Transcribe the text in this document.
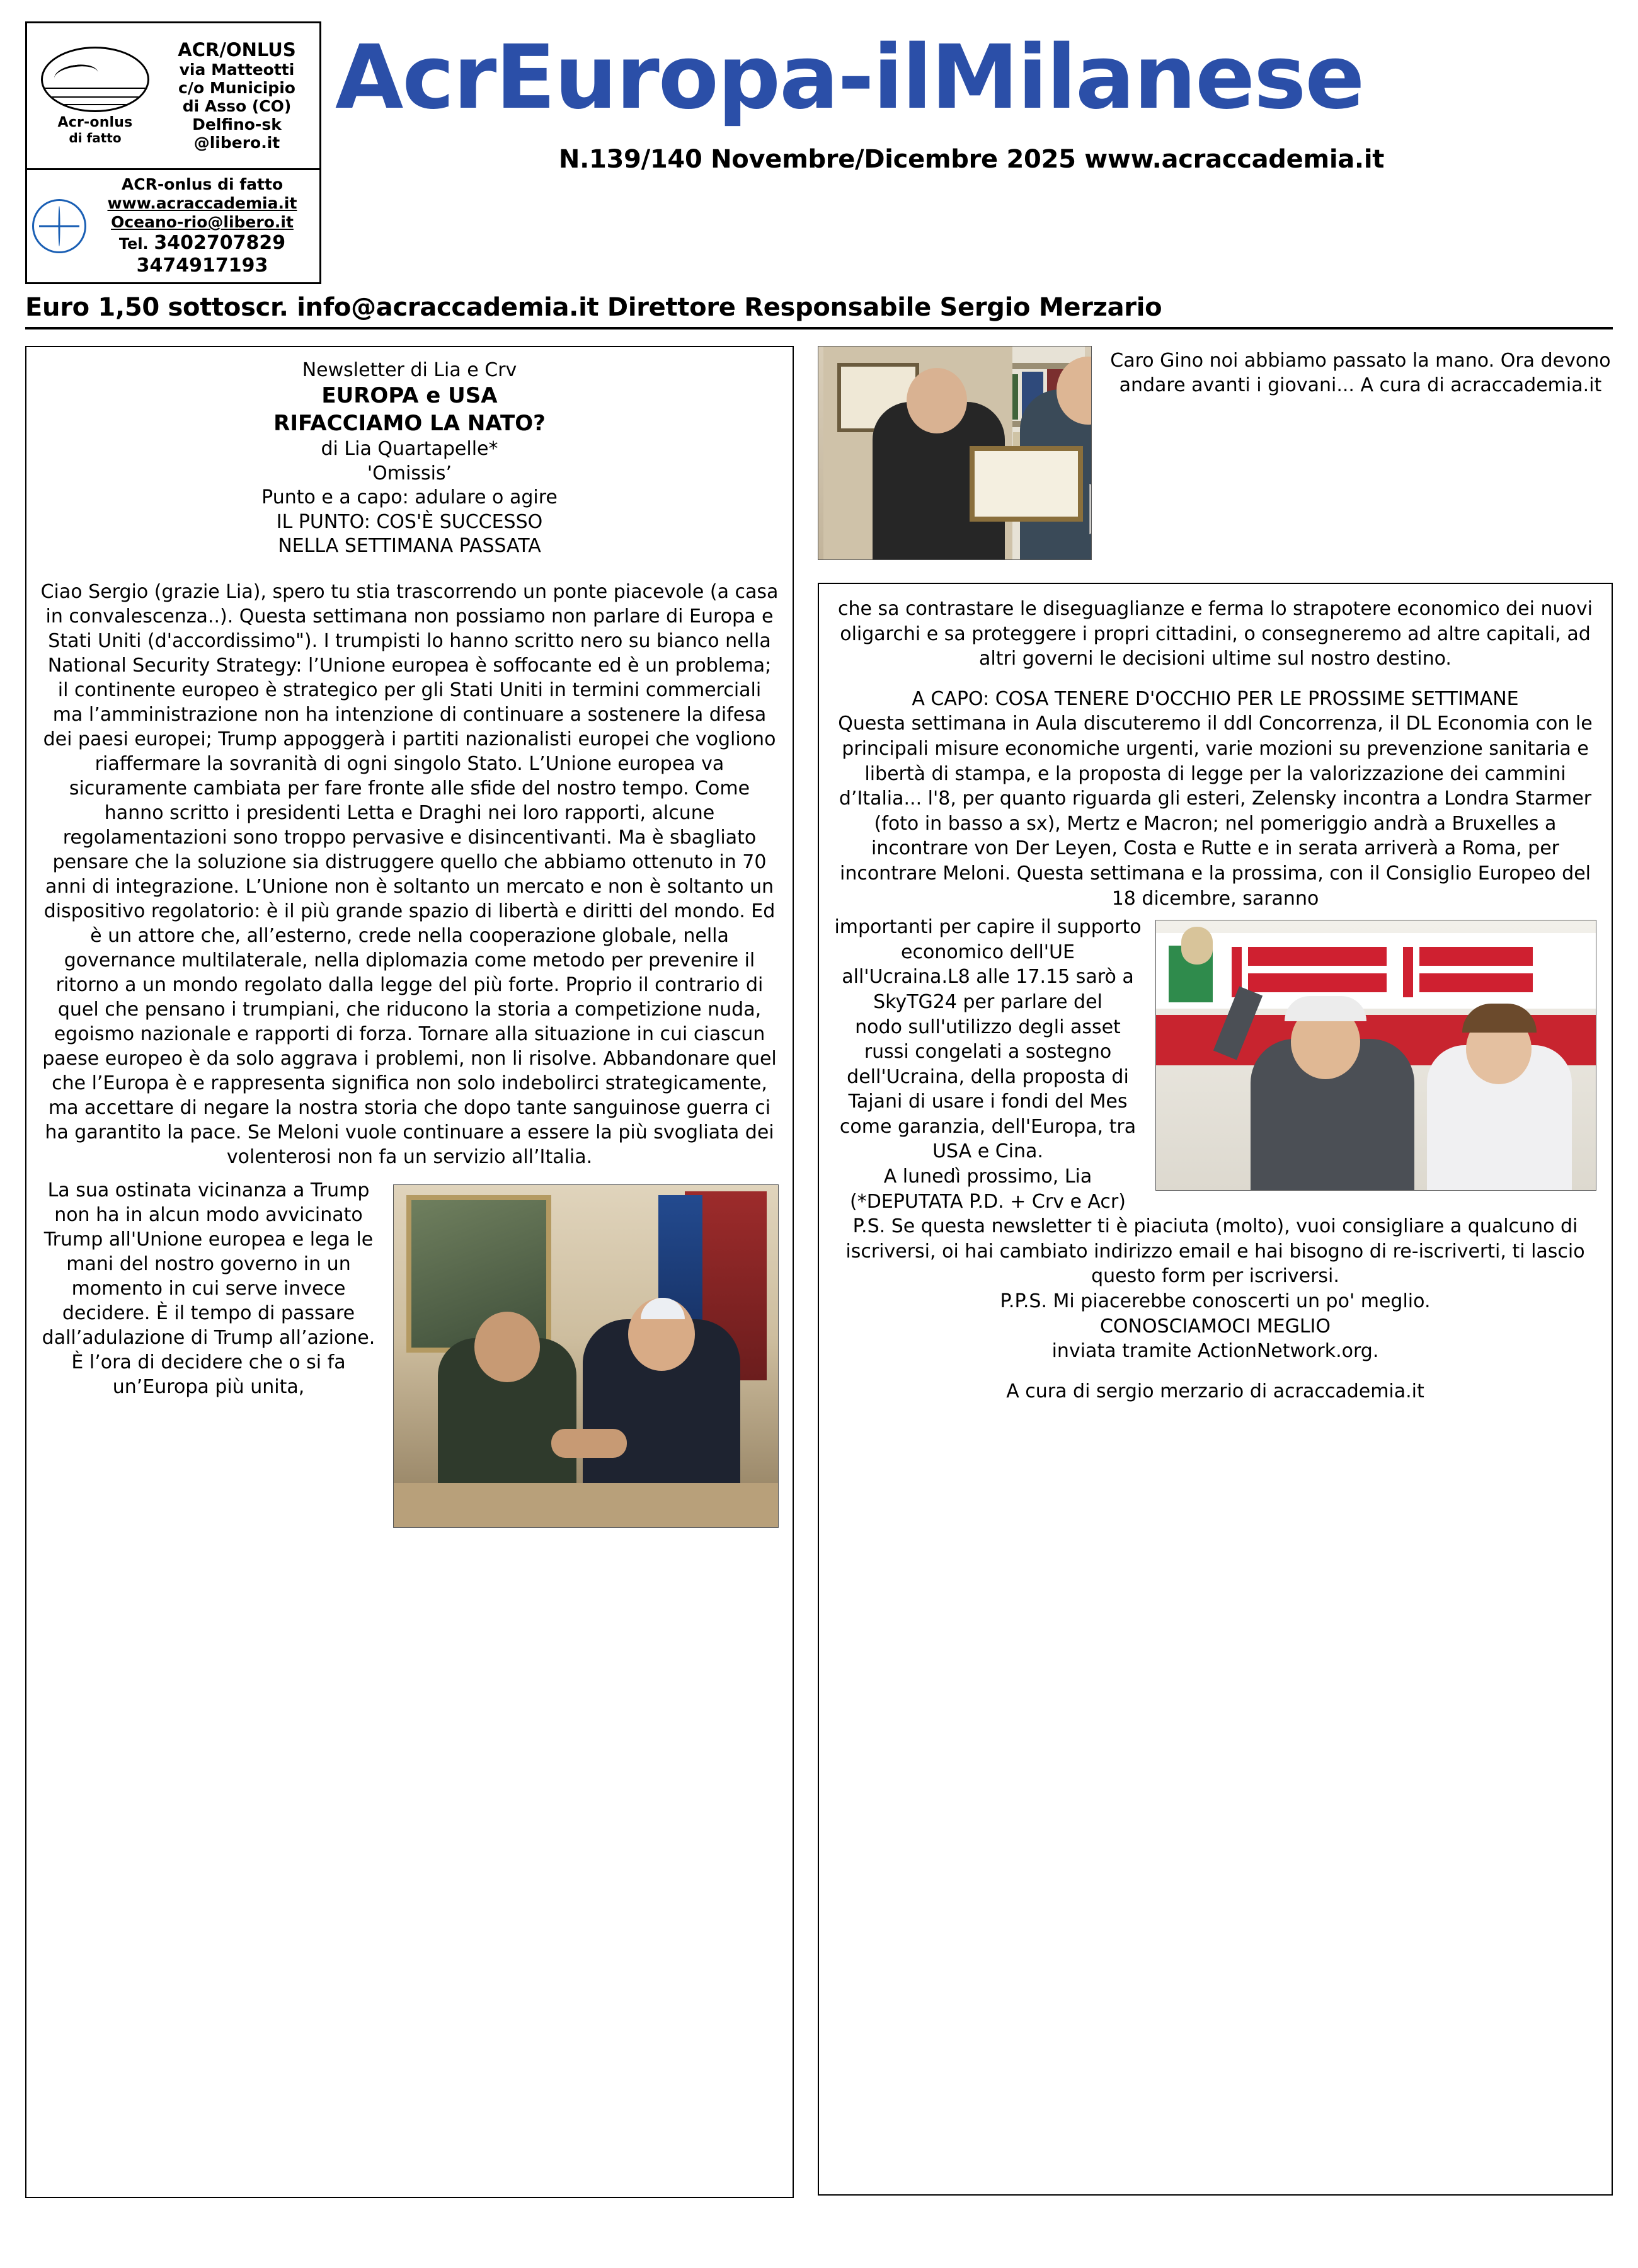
Acr-onlus
di fatto
ACR/ONLUS
via Matteotti
c/o Municipio
di Asso (CO)
Delfino-sk
@libero.it
ACR-onlus di fatto
www.acraccademia.it
Oceano-rio@libero.it
Tel. 3402707829
3474917193
AcrEuropa-ilMilanese
N.139/140 Novembre/Dicembre 2025 www.acraccademia.it
Euro 1,50 sottoscr. info@acraccademia.it Direttore Responsabile Sergio Merzario
Newsletter di Lia e Crv
EUROPA e USA
RIFACCIAMO LA NATO?
di Lia Quartapelle*
'Omissis’
Punto e a capo: adulare o agire
IL PUNTO: COS'È SUCCESSO
NELLA SETTIMANA PASSATA

Ciao Sergio (grazie Lia), spero tu stia trascorrendo un ponte piacevole (a casa in convalescenza..). Questa settimana non possiamo non parlare di Europa e Stati Uniti (d'accordissimo"). I trumpisti lo hanno scritto nero su bianco nella National Security Strategy: l’Unione europea è soffocante ed è un problema; il continente europeo è strategico per gli Stati Uniti in termini commerciali ma l’amministrazione non ha intenzione di continuare a sostenere la difesa dei paesi europei; Trump appoggerà i partiti nazionalisti europei che vogliono riaffermare la sovranità di ogni singolo Stato. L’Unione europea va sicuramente cambiata per fare fronte alle sfide del nostro tempo. Come hanno scritto i presidenti Letta e Draghi nei loro rapporti, alcune regolamentazioni sono troppo pervasive e disincentivanti. Ma è sbagliato pensare che la soluzione sia distruggere quello che abbiamo ottenuto in 70 anni di integrazione. L’Unione non è soltanto un mercato e non è soltanto un dispositivo regolatorio: è il più grande spazio di libertà e diritti del mondo. Ed è un attore che, all’esterno, crede nella cooperazione globale, nella governance multilaterale, nella diplomazia come metodo per prevenire il ritorno a un mondo regolato dalla legge del più forte. Proprio il contrario di quel che pensano i trumpiani, che riducono la storia a competizione nuda, egoismo nazionale e rapporti di forza. Tornare alla situazione in cui ciascun paese europeo è da solo aggrava i problemi, non li risolve. Abbandonare quel che l’Europa è e rappresenta significa non solo indebolirci strategicamente, ma accettare di negare la nostra storia che dopo tante sanguinose guerra ci ha garantito la pace. Se Meloni vuole continuare a essere la più svogliata dei volenterosi non fa un servizio all’Italia.

La sua ostinata vicinanza a Trump non ha in alcun modo avvicinato Trump all'Unione europea e lega le mani del nostro governo in un momento in cui serve invece decidere. È il tempo di passare dall’adulazione di Trump all’azione. È l’ora di decidere che o si fa un’Europa più unita,

Caro Gino noi abbiamo passato la mano. Ora devono andare avanti i giovani... A cura di acraccademia.it

che sa contrastare le diseguaglianze e ferma lo strapotere economico dei nuovi oligarchi e sa proteggere i propri cittadini, o consegneremo ad altre capitali, ad altri governi le decisioni ultime sul nostro destino.

A CAPO: COSA TENERE D'OCCHIO PER LE PROSSIME SETTIMANE

Questa settimana in Aula discuteremo il ddl Concorrenza, il DL Economia con le principali misure economiche urgenti, varie mozioni su prevenzione sanitaria e libertà di stampa, e la proposta di legge per la valorizzazione dei cammini d’Italia... l'8, per quanto riguarda gli esteri, Zelensky incontra a Londra Starmer (foto in basso a sx), Mertz e Macron; nel pomeriggio andrà a Bruxelles a incontrare von Der Leyen, Costa e Rutte e in serata arriverà a Roma, per incontrare Meloni. Questa settimana e la prossima, con il Consiglio Europeo del 18 dicembre, saranno

importanti per capire il supporto economico dell'UE all'Ucraina.L8 alle 17.15 sarò a SkyTG24 per parlare del

nodo sull'utilizzo degli asset russi congelati a sostegno dell'Ucraina, della proposta di Tajani di usare i fondi del Mes come garanzia, dell'Europa, tra USA e Cina.

A lunedì prossimo, Lia

(*DEPUTATA P.D. + Crv e Acr)

P.S. Se questa newsletter ti è piaciuta (molto), vuoi consigliare a qualcuno di iscriversi, oi hai cambiato indirizzo email e hai bisogno di re-iscriverti, ti lascio questo form per iscriversi.

P.P.S. Mi piacerebbe conoscerti un po' meglio.

CONOSCIAMOCI MEGLIO

inviata tramite ActionNetwork.org.

A cura di sergio merzario di acraccademia.it
